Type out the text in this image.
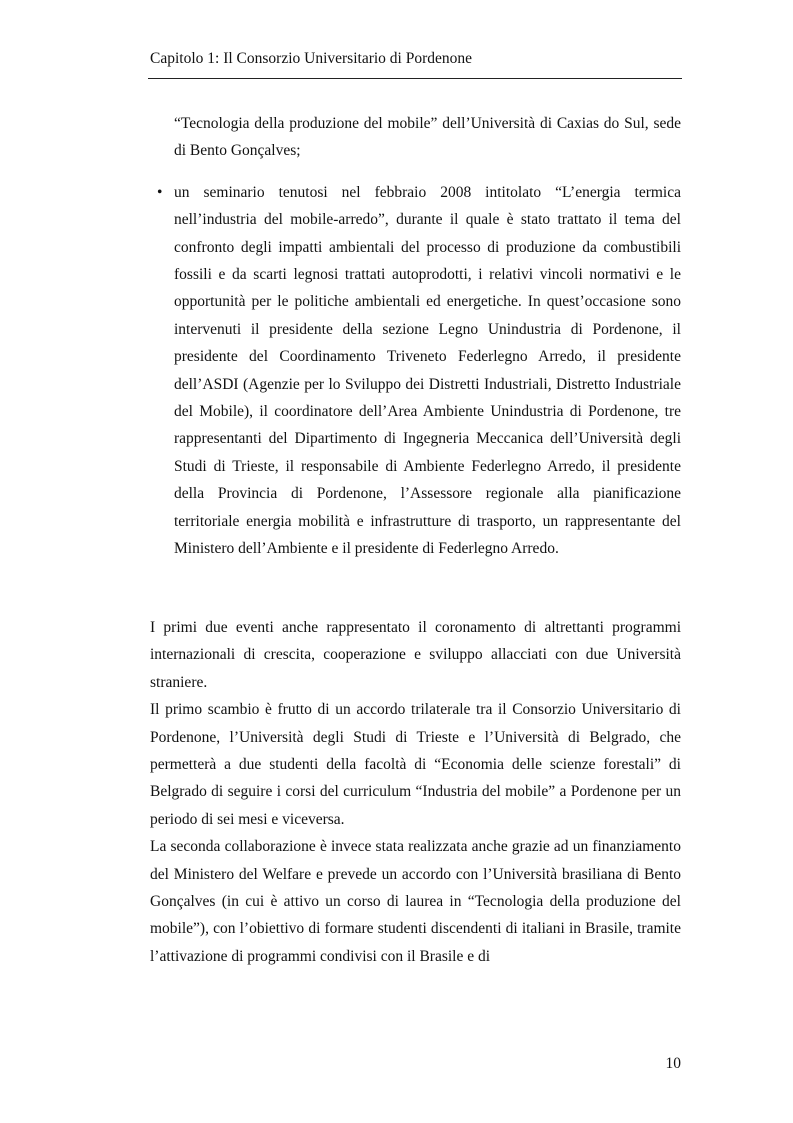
Capitolo 1: Il Consorzio Universitario di Pordenone
“Tecnologia della produzione del mobile” dell’Università di Caxias do Sul, sede di Bento Gonçalves;
• un seminario tenutosi nel febbraio 2008 intitolato “L’energia termica nell’industria del mobile-arredo”, durante il quale è stato trattato il tema del confronto degli impatti ambientali del processo di produzione da combustibili fossili e da scarti legnosi trattati autoprodotti, i relativi vincoli normativi e le opportunità per le politiche ambientali ed energetiche. In quest’occasione sono intervenuti il presidente della sezione Legno Unindustria di Pordenone, il presidente del Coordinamento Triveneto Federlegno Arredo, il presidente dell’ASDI (Agenzie per lo Sviluppo dei Distretti Industriali, Distretto Industriale del Mobile), il coordinatore dell’Area Ambiente Unindustria di Pordenone, tre rappresentanti del Dipartimento di Ingegneria Meccanica dell’Università degli Studi di Trieste, il responsabile di Ambiente Federlegno Arredo, il presidente della Provincia di Pordenone, l’Assessore regionale alla pianificazione territoriale energia mobilità e infrastrutture di trasporto, un rappresentante del Ministero dell’Ambiente e il presidente di Federlegno Arredo.

I primi due eventi anche rappresentato il coronamento di altrettanti programmi internazionali di crescita, cooperazione e sviluppo allacciati con due Università straniere.

Il primo scambio è frutto di un accordo trilaterale tra il Consorzio Universitario di Pordenone, l’Università degli Studi di Trieste e l’Università di Belgrado, che permetterà a due studenti della facoltà di “Economia delle scienze forestali” di Belgrado di seguire i corsi del curriculum “Industria del mobile” a Pordenone per un periodo di sei mesi e viceversa.

La seconda collaborazione è invece stata realizzata anche grazie ad un finanziamento del Ministero del Welfare e prevede un accordo con l’Università brasiliana di Bento Gonçalves (in cui è attivo un corso di laurea in “Tecnologia della produzione del mobile”), con l’obiettivo di formare studenti discendenti di italiani in Brasile, tramite l’attivazione di programmi condivisi con il Brasile e di

10
